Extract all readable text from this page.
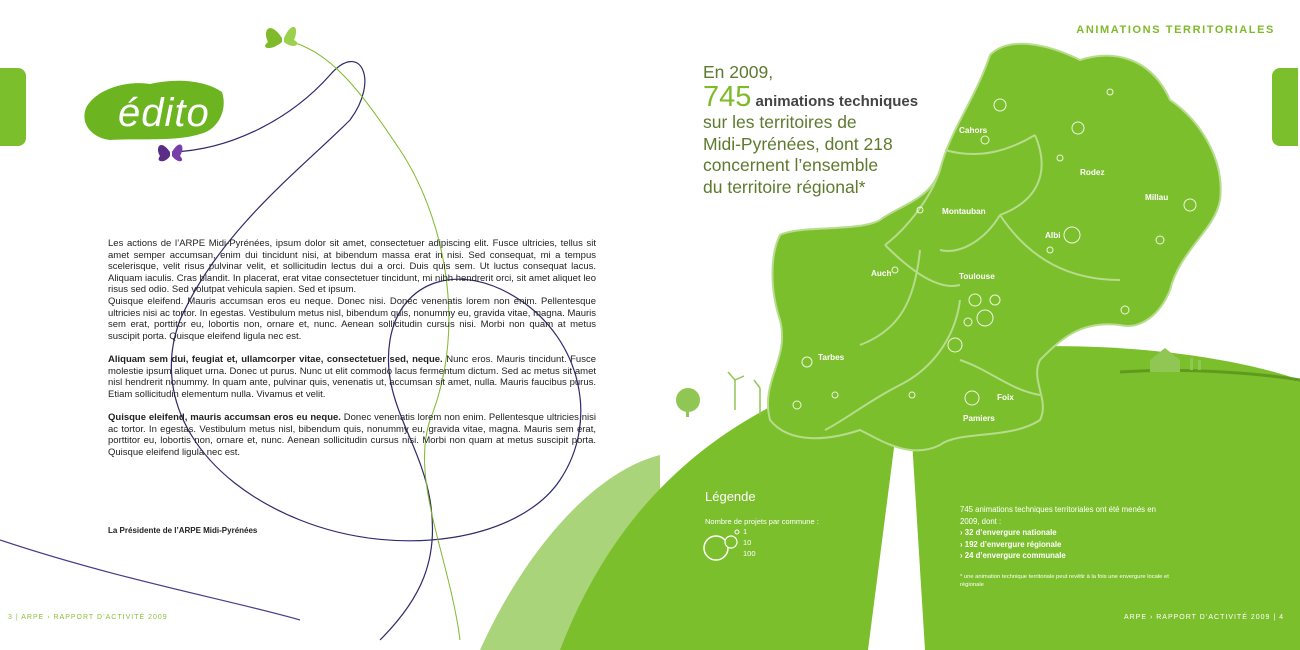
ANIMATIONS TERRITORIALES
édito

Les actions de l’ARPE Midi-Pyrénées, ipsum dolor sit amet, consectetuer adipiscing elit. Fusce ultricies, tellus sit amet semper accumsan, enim dui tincidunt nisi, at bibendum massa erat in nisi. Sed consequat, mi a tempus scelerisque, velit risus pulvinar velit, et sollicitudin lectus dui a orci. Duis quis sem. Ut luctus consequat lacus. Aliquam iaculis. Cras blandit. In placerat, erat vitae consectetuer tincidunt, mi nibh hendrerit orci, sit amet aliquet leo risus sed odio. Sed volutpat vehicula sapien. Sed et ipsum.

Quisque eleifend. Mauris accumsan eros eu neque. Donec nisi. Donec venenatis lorem non enim. Pellentesque ultricies nisi ac tortor. In egestas. Vestibulum metus nisl, bibendum quis, nonummy eu, gravida vitae, magna. Mauris sem erat, porttitor eu, lobortis non, ornare et, nunc. Aenean sollicitudin cursus nisi. Morbi non quam at metus suscipit porta. Quisque eleifend ligula nec est.

Aliquam sem dui, feugiat et, ullamcorper vitae, consectetuer sed, neque. Nunc eros. Mauris tincidunt. Fusce molestie ipsum aliquet urna. Donec ut purus. Nunc ut elit commodo lacus fermentum dictum. Sed ac metus sit amet nisl hendrerit nonummy. In quam ante, pulvinar quis, venenatis ut, accumsan sit amet, nulla. Mauris faucibus purus. Etiam sollicitudin elementum nulla. Vivamus et velit.

Quisque eleifend, mauris accumsan eros eu neque. Donec venenatis lorem non enim. Pellentesque ultricies nisi ac tortor. In egestas. Vestibulum metus nisl, bibendum quis, nonummy eu, gravida vitae, magna. Mauris sem erat, porttitor eu, lobortis non, ornare et, nunc. Aenean sollicitudin cursus nisi. Morbi non quam at metus suscipit porta. Quisque eleifend ligula nec est.

La Présidente de l’ARPE Midi-Pyrénées
En 2009,
745 animations techniques
sur les territoires de
Midi-Pyrénées, dont 218
concernent l’ensemble
du territoire régional*
Cahors
Rodez
Millau
Montauban
Albi
Auch	Toulouse
Tarbes
Foix
Pamiers
Légende
Nombre de projets par commune :
1
10
100
745 animations techniques territoriales ont été menés en 2009, dont :
› 32 d’envergure nationale
› 192 d’envergure régionale
› 24 d’envergure communale
* une animation technique territoriale peut revêtir à la fois une envergure locale et régionale
3 | ARPE › RAPPORT D’ACTIVITÉ 2009	ARPE › RAPPORT D’ACTIVITÉ 2009 | 4
